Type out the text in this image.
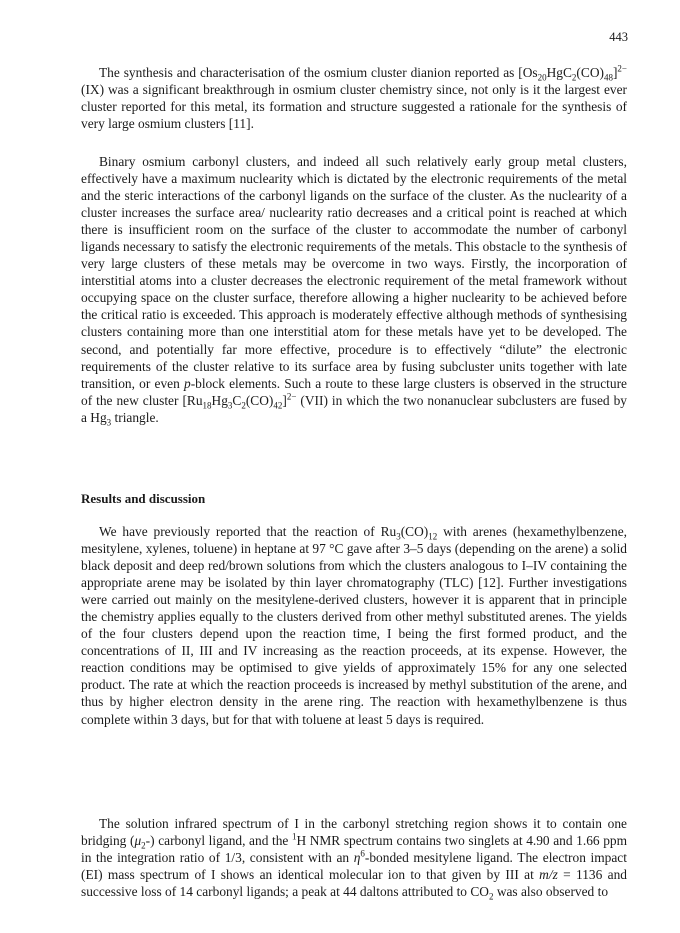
443
The synthesis and characterisation of the osmium cluster dianion reported as $[Os_{20}HgC_2(CO)_{48}]^{2-}$ (IX) was a significant breakthrough in osmium cluster chemistry since, not only is it the largest ever cluster reported for this metal, its formation and structure suggested a rationale for the synthesis of very large osmium clusters [11].
Binary osmium carbonyl clusters, and indeed all such relatively early group metal clusters, effectively have a maximum nuclearity which is dictated by the electronic requirements of the metal and the steric interactions of the carbonyl ligands on the surface of the cluster. As the nuclearity of a cluster increases the surface area/ nuclearity ratio decreases and a critical point is reached at which there is insufficient room on the surface of the cluster to accommodate the number of carbonyl ligands necessary to satisfy the electronic requirements of the metals. This obstacle to the synthesis of very large clusters of these metals may be overcome in two ways. Firstly, the incorporation of interstitial atoms into a cluster decreases the electronic requirement of the metal framework without occupying space on the cluster surface, therefore allowing a higher nuclearity to be achieved before the critical ratio is exceeded. This approach is moderately effective although methods of synthesising clusters containing more than one interstitial atom for these metals have yet to be developed. The second, and potentially far more effective, procedure is to effectively “dilute” the electronic requirements of the cluster relative to its surface area by fusing subcluster units together with late transition, or even p-block elements. Such a route to these large clusters is observed in the structure of the new cluster $[Ru_{18}Hg_3C_2(CO)_{42}]^{2-}$ (VII) in which the two nonanuclear subclusters are fused by a $Hg_3$ triangle.
Results and discussion
We have previously reported that the reaction of $Ru_3(CO)_{12}$ with arenes (hexamethylbenzene, mesitylene, xylenes, toluene) in heptane at 97 °C gave after 3–5 days (depending on the arene) a solid black deposit and deep red/brown solutions from which the clusters analogous to I–IV containing the appropriate arene may be isolated by thin layer chromatography (TLC) [12]. Further investigations were carried out mainly on the mesitylene-derived clusters, however it is apparent that in principle the chemistry applies equally to the clusters derived from other methyl substituted arenes. The yields of the four clusters depend upon the reaction time, I being the first formed product, and the concentrations of II, III and IV increasing as the reaction proceeds, at its expense. However, the reaction conditions may be optimised to give yields of approximately 15% for any one selected product. The rate at which the reaction proceeds is increased by methyl substitution of the arene, and thus by higher electron density in the arene ring. The reaction with hexamethylbenzene is thus complete within 3 days, but for that with toluene at least 5 days is required.
The solution infrared spectrum of I in the carbonyl stretching region shows it to contain one bridging $(\mu_2-)$ carbonyl ligand, and the $^1$H NMR spectrum contains two singlets at 4.90 and 1.66 ppm in the integration ratio of 1/3, consistent with an $\eta^6$-bonded mesitylene ligand. The electron impact (EI) mass spectrum of I shows an identical molecular ion to that given by III at m/z = 1136 and successive loss of 14 carbonyl ligands; a peak at 44 daltons attributed to $CO_2$ was also observed to
